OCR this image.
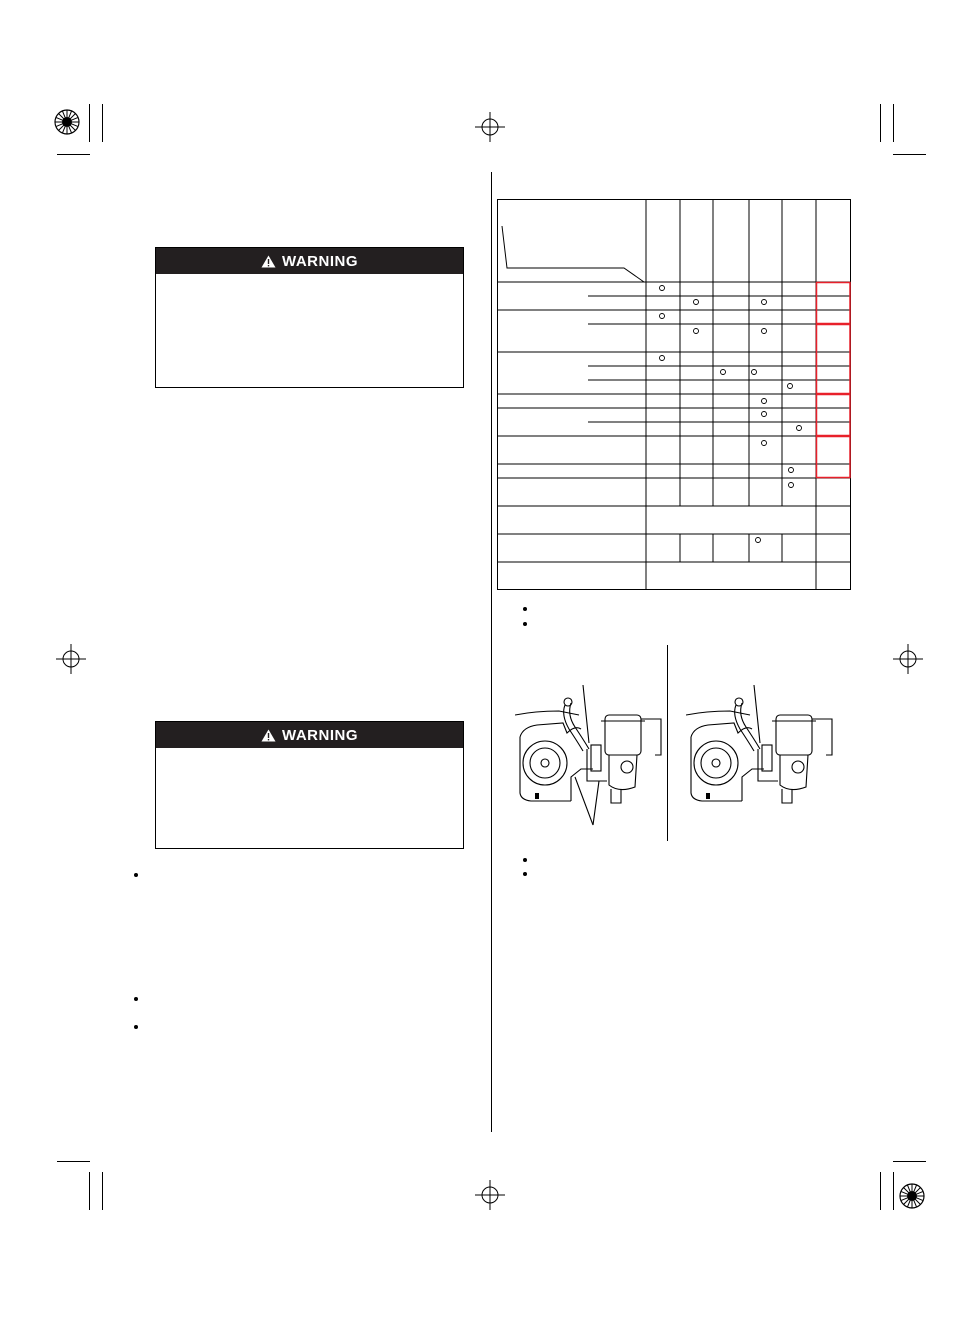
WARNING
WARNING
